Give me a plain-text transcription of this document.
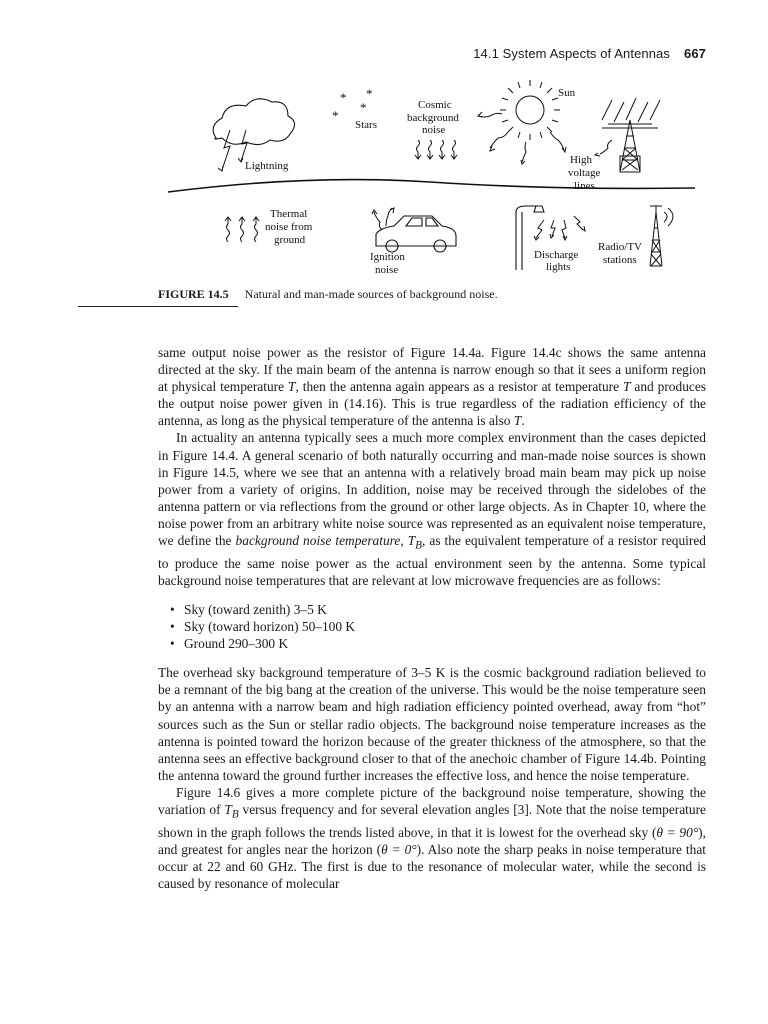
14.1 System Aspects of Antennas 667
Lightning
* *
*
*
Stars
Cosmic
background
noise
Sun
High
voltage
lines
Thermal
noise from
ground
Ignition
noise
Discharge
lights
Radio/TV
stations
FIGURE 14.5 Natural and man-made sources of background noise.

same output noise power as the resistor of Figure 14.4a. Figure 14.4c shows the same antenna directed at the sky. If the main beam of the antenna is narrow enough so that it sees a uniform region at physical temperature T, then the antenna again appears as a resistor at temperature T and produces the output noise power given in (14.16). This is true regardless of the radiation efficiency of the antenna, as long as the physical temperature of the antenna is also T.

In actuality an antenna typically sees a much more complex environment than the cases depicted in Figure 14.4. A general scenario of both naturally occurring and man-made noise sources is shown in Figure 14.5, where we see that an antenna with a relatively broad main beam may pick up noise power from a variety of origins. In addition, noise may be received through the sidelobes of the antenna pattern or via reflections from the ground or other large objects. As in Chapter 10, where the noise power from an arbitrary white noise source was represented as an equivalent noise temperature, we define the background noise temperature, $T_B$, as the equivalent temperature of a resistor required to produce the same noise power as the actual environment seen by the antenna. Some typical background noise temperatures that are relevant at low microwave frequencies are as follows:

• Sky (toward zenith) 3–5 K
• Sky (toward horizon) 50–100 K
• Ground 290–300 K

The overhead sky background temperature of 3–5 K is the cosmic background radiation believed to be a remnant of the big bang at the creation of the universe. This would be the noise temperature seen by an antenna with a narrow beam and high radiation efficiency pointed overhead, away from “hot” sources such as the Sun or stellar radio objects. The background noise temperature increases as the antenna is pointed toward the horizon because of the greater thickness of the atmosphere, so that the antenna sees an effective background closer to that of the anechoic chamber of Figure 14.4b. Pointing the antenna toward the ground further increases the effective loss, and hence the noise temperature.

Figure 14.6 gives a more complete picture of the background noise temperature, showing the variation of $T_B$ versus frequency and for several elevation angles [3]. Note that the noise temperature shown in the graph follows the trends listed above, in that it is lowest for the overhead sky (θ = 90°), and greatest for angles near the horizon (θ = 0°). Also note the sharp peaks in noise temperature that occur at 22 and 60 GHz. The first is due to the resonance of molecular water, while the second is caused by resonance of molecular
